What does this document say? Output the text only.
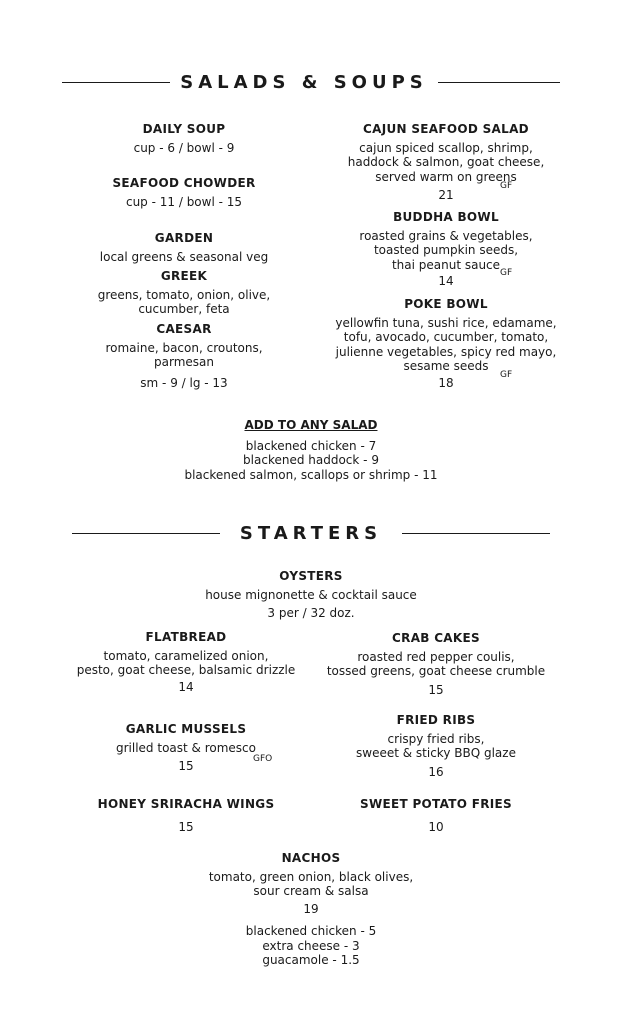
SALADS & SOUPS
DAILY SOUP
cup - 6 / bowl - 9
SEAFOOD CHOWDER
cup - 11 / bowl - 15
GARDEN
local greens & seasonal veg
GREEK
greens, tomato, onion, olive,
cucumber, feta
CAESAR
romaine, bacon, croutons,
parmesan
sm - 9 / lg - 13
CAJUN SEAFOOD SALAD
cajun spiced scallop, shrimp,
haddock & salmon, goat cheese,
served warm on greens
21
GF
BUDDHA BOWL
roasted grains & vegetables,
toasted pumpkin seeds,
thai peanut sauce
14
GF
POKE BOWL
yellowfin tuna, sushi rice, edamame,
tofu, avocado, cucumber, tomato,
julienne vegetables, spicy red mayo,
sesame seeds
18
GF
ADD TO ANY SALAD
blackened chicken - 7
blackened haddock - 9
blackened salmon, scallops or shrimp - 11
STARTERS
OYSTERS
house mignonette & cocktail sauce
3 per / 32 doz.
FLATBREAD
tomato, caramelized onion,
pesto, goat cheese, balsamic drizzle
14
CRAB CAKES
roasted red pepper coulis,
tossed greens, goat cheese crumble
15
GARLIC MUSSELS
grilled toast & romesco
15	GFO
FRIED RIBS
crispy fried ribs,
sweeet & sticky BBQ glaze
16
HONEY SRIRACHA WINGS
15
SWEET POTATO FRIES
10
NACHOS
tomato, green onion, black olives,
sour cream & salsa
19
blackened chicken - 5
extra cheese - 3
guacamole - 1.5
